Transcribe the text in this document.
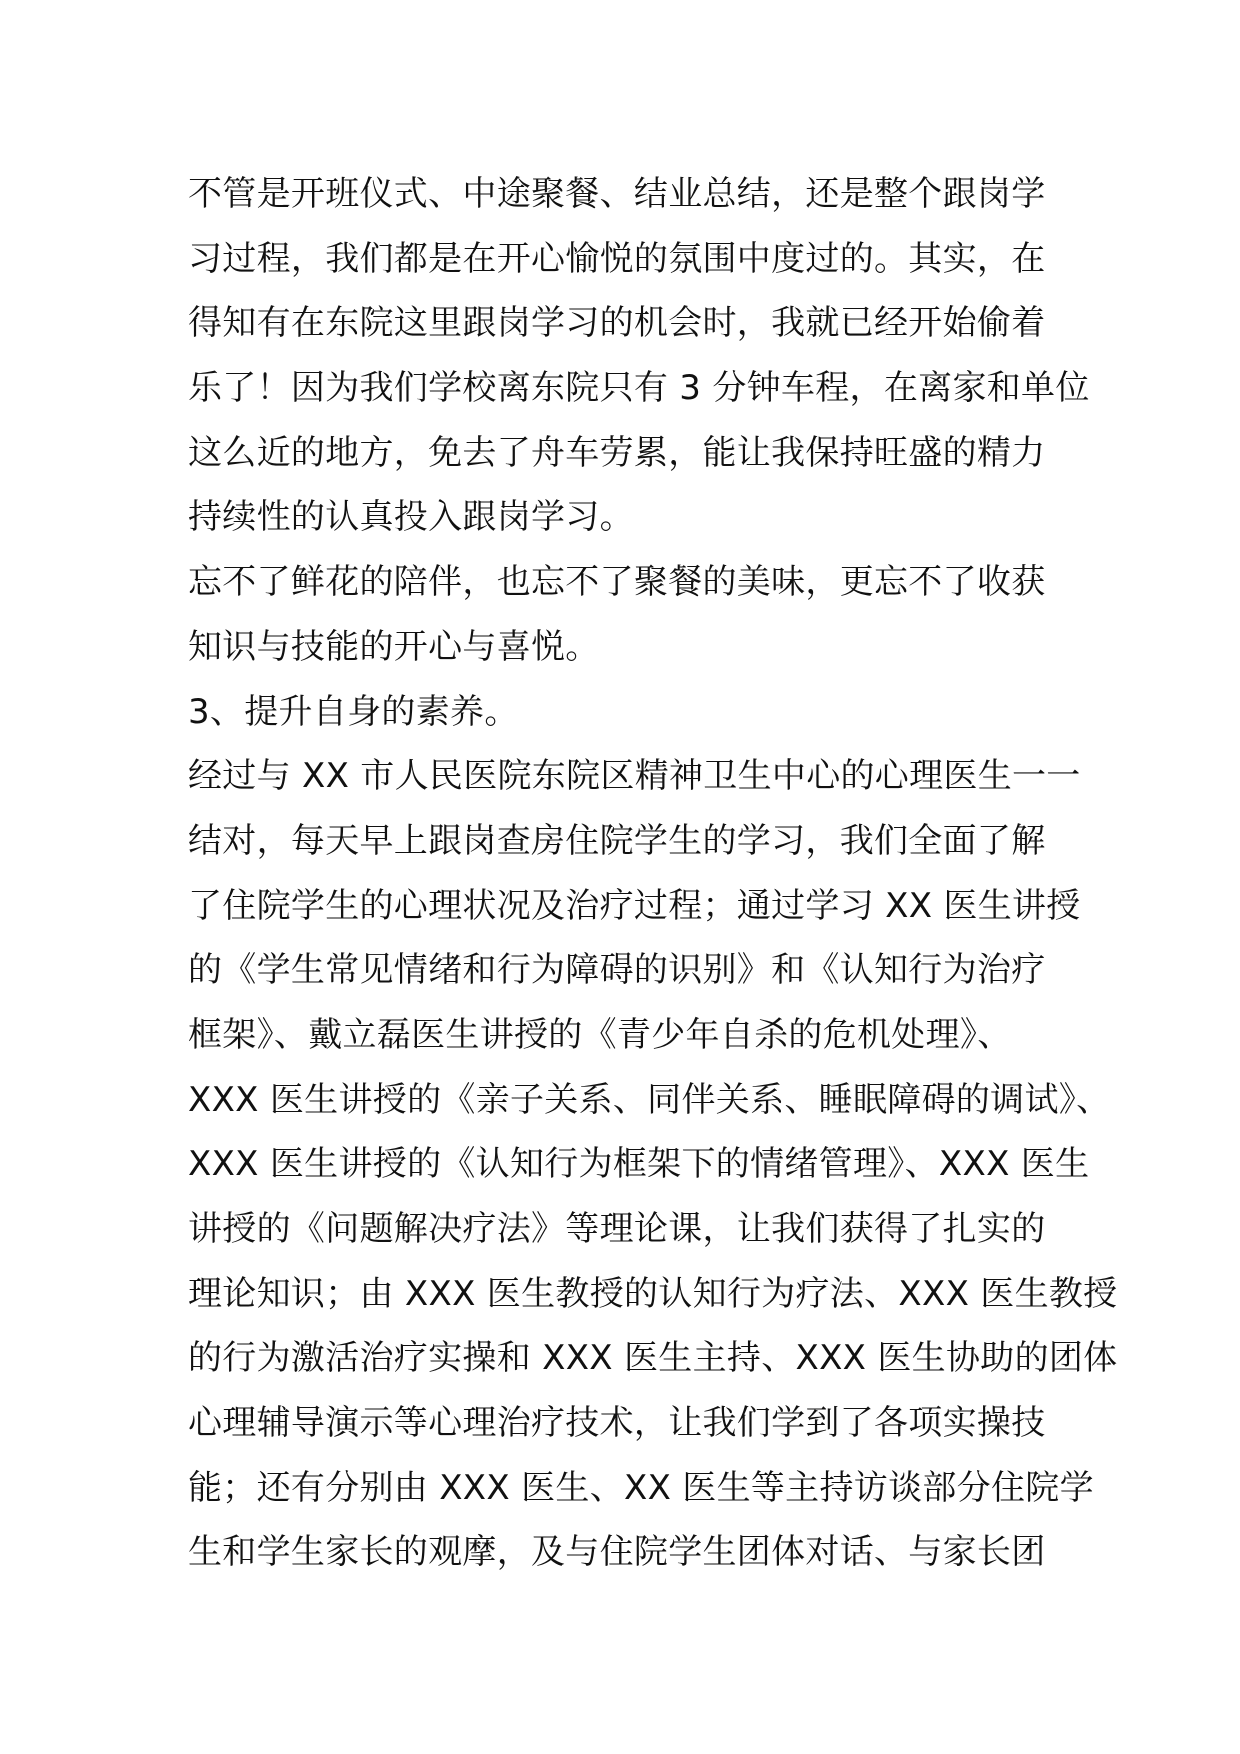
不管是开班仪式、中途聚餐、结业总结，还是整个跟岗学
习过程，我们都是在开心愉悦的氛围中度过的。其实，在
得知有在东院这里跟岗学习的机会时，我就已经开始偷着
乐了！因为我们学校离东院只有 3 分钟车程，在离家和单位
这么近的地方，免去了舟车劳累，能让我保持旺盛的精力
持续性的认真投入跟岗学习。
忘不了鲜花的陪伴，也忘不了聚餐的美味，更忘不了收获
知识与技能的开心与喜悦。
3、提升自身的素养。
经过与 XX 市人民医院东院区精神卫生中心的心理医生一一
结对，每天早上跟岗查房住院学生的学习，我们全面了解
了住院学生的心理状况及治疗过程；通过学习 XX 医生讲授
的《学生常见情绪和行为障碍的识别》和《认知行为治疗
框架》、戴立磊医生讲授的《青少年自杀的危机处理》、
XXX 医生讲授的《亲子关系、同伴关系、睡眠障碍的调试》、
XXX 医生讲授的《认知行为框架下的情绪管理》、XXX 医生
讲授的《问题解决疗法》等理论课，让我们获得了扎实的
理论知识；由 XXX 医生教授的认知行为疗法、XXX 医生教授
的行为激活治疗实操和 XXX 医生主持、XXX 医生协助的团体
心理辅导演示等心理治疗技术，让我们学到了各项实操技
能；还有分别由 XXX 医生、XX 医生等主持访谈部分住院学
生和学生家长的观摩，及与住院学生团体对话、与家长团
